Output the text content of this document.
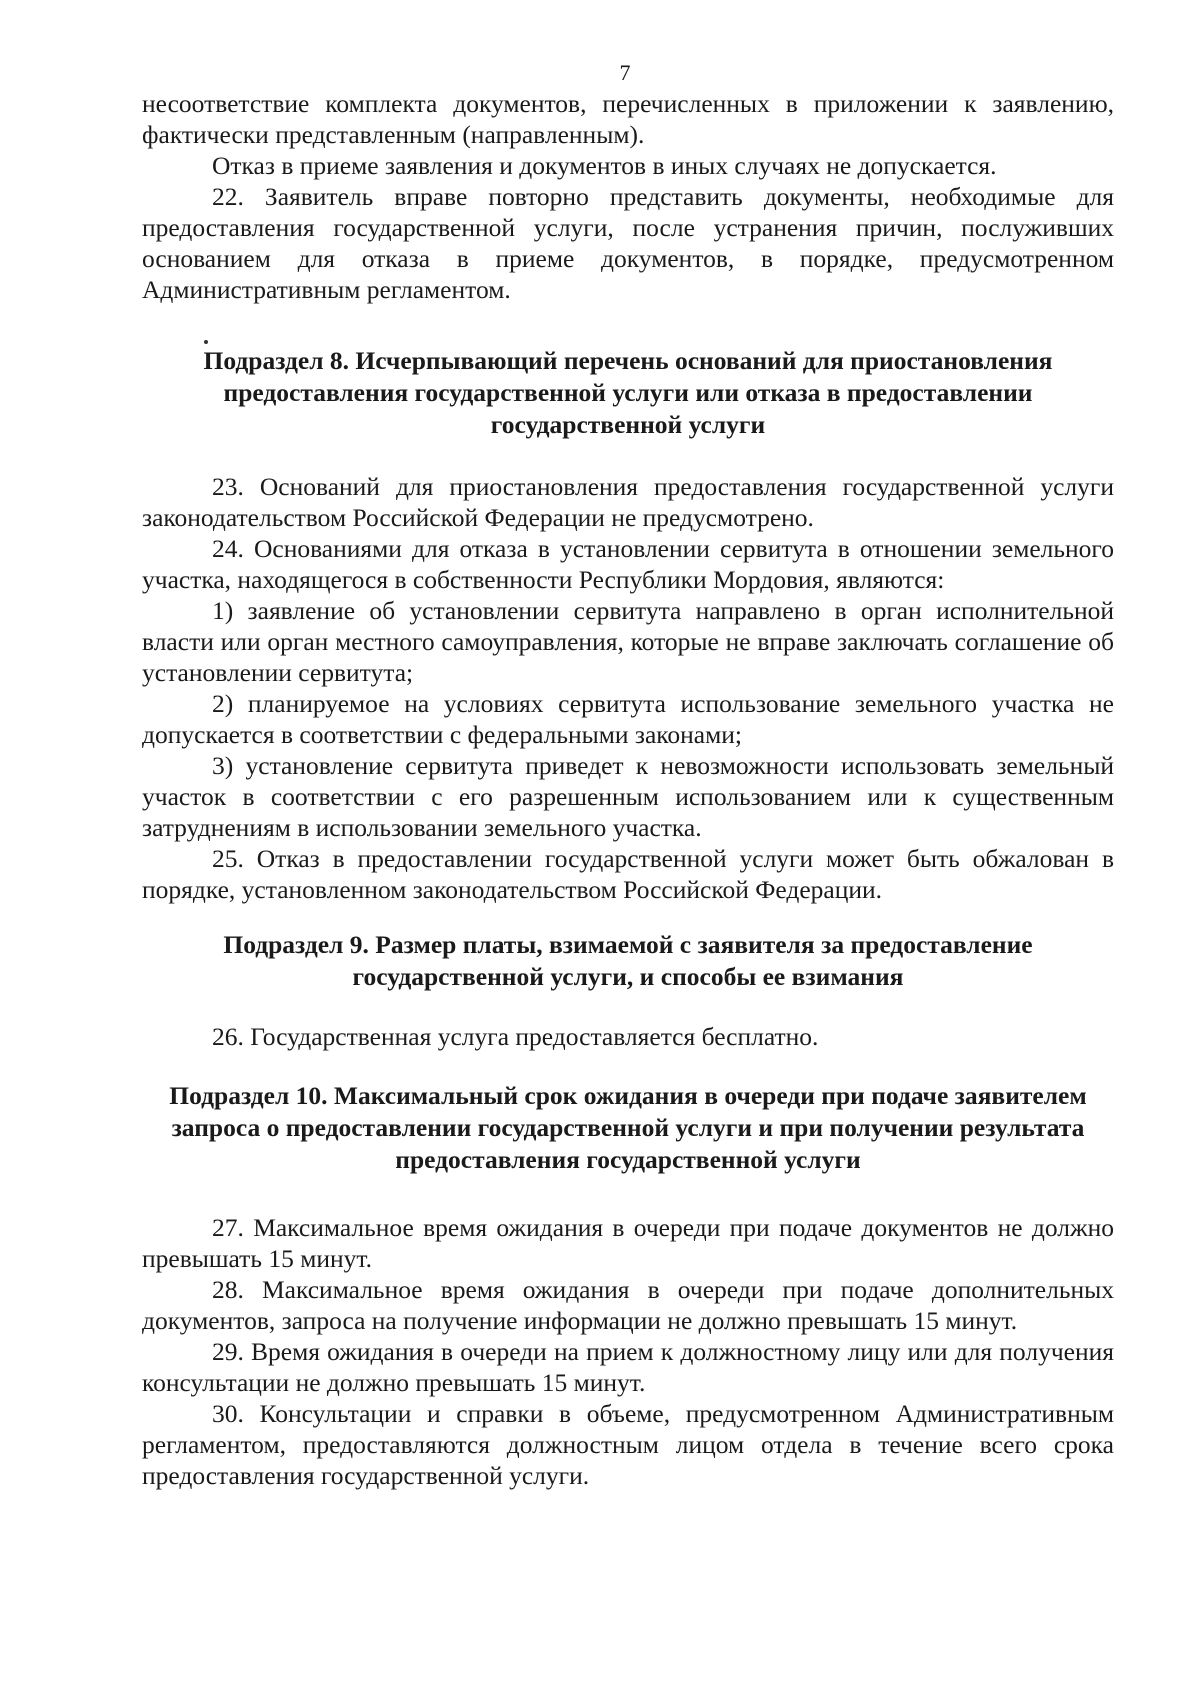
7

несоответствие комплекта документов, перечисленных в приложении к заявлению, фактически представленным (направленным).

Отказ в приеме заявления и документов в иных случаях не допускается.

22. Заявитель вправе повторно представить документы, необходимые для предоставления государственной услуги, после устранения причин, послуживших основанием для отказа в приеме документов, в порядке, предусмотренном Административным регламентом.

Подраздел 8. Исчерпывающий перечень оснований для приостановления предоставления государственной услуги или отказа в предоставлении государственной услуги

23. Оснований для приостановления предоставления государственной услуги законодательством Российской Федерации не предусмотрено.

24. Основаниями для отказа в установлении сервитута в отношении земельного участка, находящегося в собственности Республики Мордовия, являются:

1) заявление об установлении сервитута направлено в орган исполнительной власти или орган местного самоуправления, которые не вправе заключать соглашение об установлении сервитута;

2) планируемое на условиях сервитута использование земельного участка не допускается в соответствии с федеральными законами;

3) установление сервитута приведет к невозможности использовать земельный участок в соответствии с его разрешенным использованием или к существенным затруднениям в использовании земельного участка.

25. Отказ в предоставлении государственной услуги может быть обжалован в порядке, установленном законодательством Российской Федерации.

Подраздел 9. Размер платы, взимаемой с заявителя за предоставление государственной услуги, и способы ее взимания

26. Государственная услуга предоставляется бесплатно.

Подраздел 10. Максимальный срок ожидания в очереди при подаче заявителем запроса о предоставлении государственной услуги и при получении результата предоставления государственной услуги

27. Максимальное время ожидания в очереди при подаче документов не должно превышать 15 минут.

28. Максимальное время ожидания в очереди при подаче дополнительных документов, запроса на получение информации не должно превышать 15 минут.

29. Время ожидания в очереди на прием к должностному лицу или для получения консультации не должно превышать 15 минут.

30. Консультации и справки в объеме, предусмотренном Административным регламентом, предоставляются должностным лицом отдела в течение всего срока предоставления государственной услуги.
